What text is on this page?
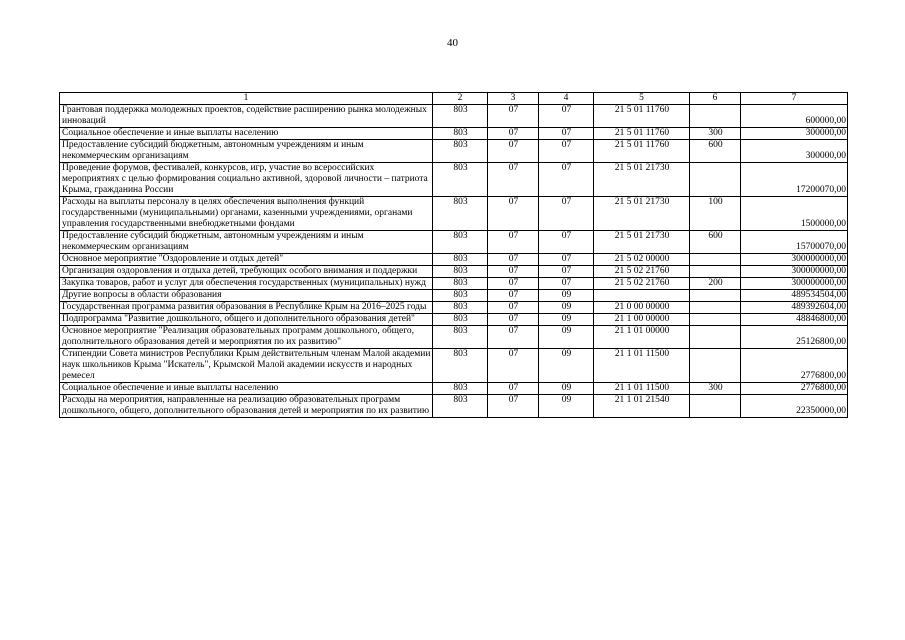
40
1	2	3	4	5	6	7
Грантовая поддержка молодежных проектов, содействие расширению рынка молодежных инноваций	803	07	07	21 5 01 11760		600000,00
Социальное обеспечение и иные выплаты населению	803	07	07	21 5 01 11760	300	300000,00
Предоставление субсидий бюджетным, автономным учреждениям и иным некоммерческим организациям	803	07	07	21 5 01 11760	600	300000,00
Проведение форумов, фестивалей, конкурсов, игр, участие во всероссийских мероприятиях с целью формирования социально активной, здоровой личности – патриота Крыма, гражданина России	803	07	07	21 5 01 21730		17200070,00
Расходы на выплаты персоналу в целях обеспечения выполнения функций государственными (муниципальными) органами, казенными учреждениями, органами управления государственными внебюджетными фондами	803	07	07	21 5 01 21730	100	1500000,00
Предоставление субсидий бюджетным, автономным учреждениям и иным некоммерческим организациям	803	07	07	21 5 01 21730	600	15700070,00
Основное мероприятие "Оздоровление и отдых детей"	803	07	07	21 5 02 00000		300000000,00
Организация оздоровления и отдыха детей, требующих особого внимания и поддержки	803	07	07	21 5 02 21760		300000000,00
Закупка товаров, работ и услуг для обеспечения государственных (муниципальных) нужд	803	07	07	21 5 02 21760	200	300000000,00
Другие вопросы в области образования	803	07	09			489534504,00
Государственная программа развития образования в Республике Крым на 2016–2025 годы	803	07	09	21 0 00 00000		489392604,00
Подпрограмма "Развитие дошкольного, общего и дополнительного образования детей"	803	07	09	21 1 00 00000		48846800,00
Основное мероприятие "Реализация образовательных программ дошкольного, общего, дополнительного образования детей и мероприятия по их развитию"	803	07	09	21 1 01 00000		25126800,00
Стипендии Совета министров Республики Крым действительным членам Малой академии наук школьников Крыма "Искатель", Крымской Малой академии искусств и народных ремесел	803	07	09	21 1 01 11500		2776800,00
Социальное обеспечение и иные выплаты населению	803	07	09	21 1 01 11500	300	2776800,00
Расходы на мероприятия, направленные на реализацию образовательных программ дошкольного, общего, дополнительного образования детей и мероприятия по их развитию	803	07	09	21 1 01 21540		22350000,00
